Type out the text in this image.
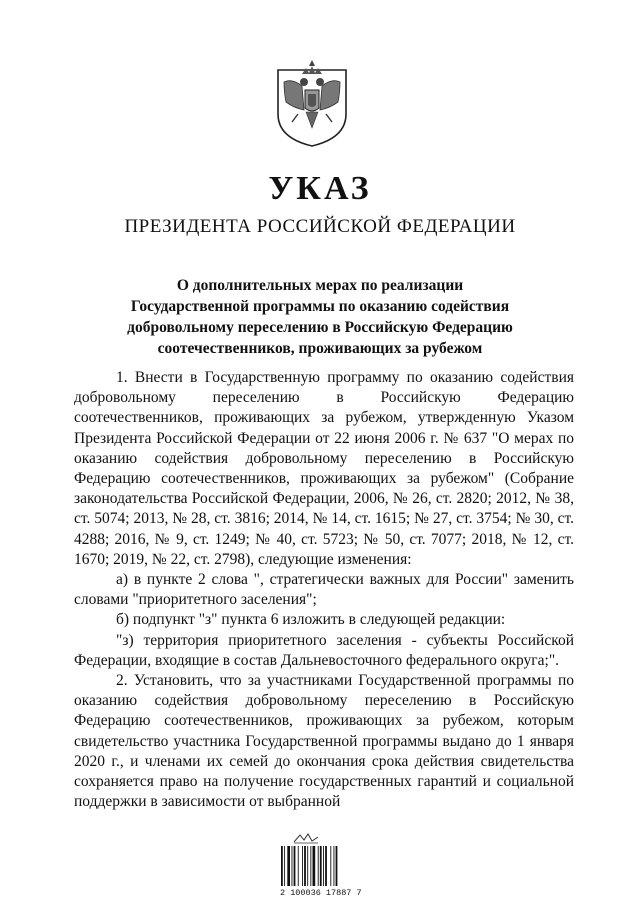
УКАЗ
ПРЕЗИДЕНТА РОССИЙСКОЙ ФЕДЕРАЦИИ
О дополнительных мерах по реализации
Государственной программы по оказанию содействия
добровольному переселению в Российскую Федерацию
соотечественников, проживающих за рубежом

1. Внести в Государственную программу по оказанию содействия добровольному переселению в Российскую Федерацию соотечественников, проживающих за рубежом, утвержденную Указом Президента Российской Федерации от 22 июня 2006 г. № 637 "О мерах по оказанию содействия добровольному переселению в Российскую Федерацию соотечественников, проживающих за рубежом" (Собрание законодательства Российской Федерации, 2006, № 26, ст. 2820; 2012, № 38, ст. 5074; 2013, № 28, ст. 3816; 2014, № 14, ст. 1615; № 27, ст. 3754; № 30, ст. 4288; 2016, № 9, ст. 1249; № 40, ст. 5723; № 50, ст. 7077; 2018, № 12, ст. 1670; 2019, № 22, ст. 2798), следующие изменения:

а) в пункте 2 слова ", стратегически важных для России" заменить словами "приоритетного заселения";

б) подпункт "з" пункта 6 изложить в следующей редакции:

"з) территория приоритетного заселения - субъекты Российской Федерации, входящие в состав Дальневосточного федерального округа;".

2. Установить, что за участниками Государственной программы по оказанию содействия добровольному переселению в Российскую Федерацию соотечественников, проживающих за рубежом, которым свидетельство участника Государственной программы выдано до 1 января 2020 г., и членами их семей до окончания срока действия свидетельства сохраняется право на получение государственных гарантий и социальной поддержки в зависимости от выбранной

2 100036 17887 7
